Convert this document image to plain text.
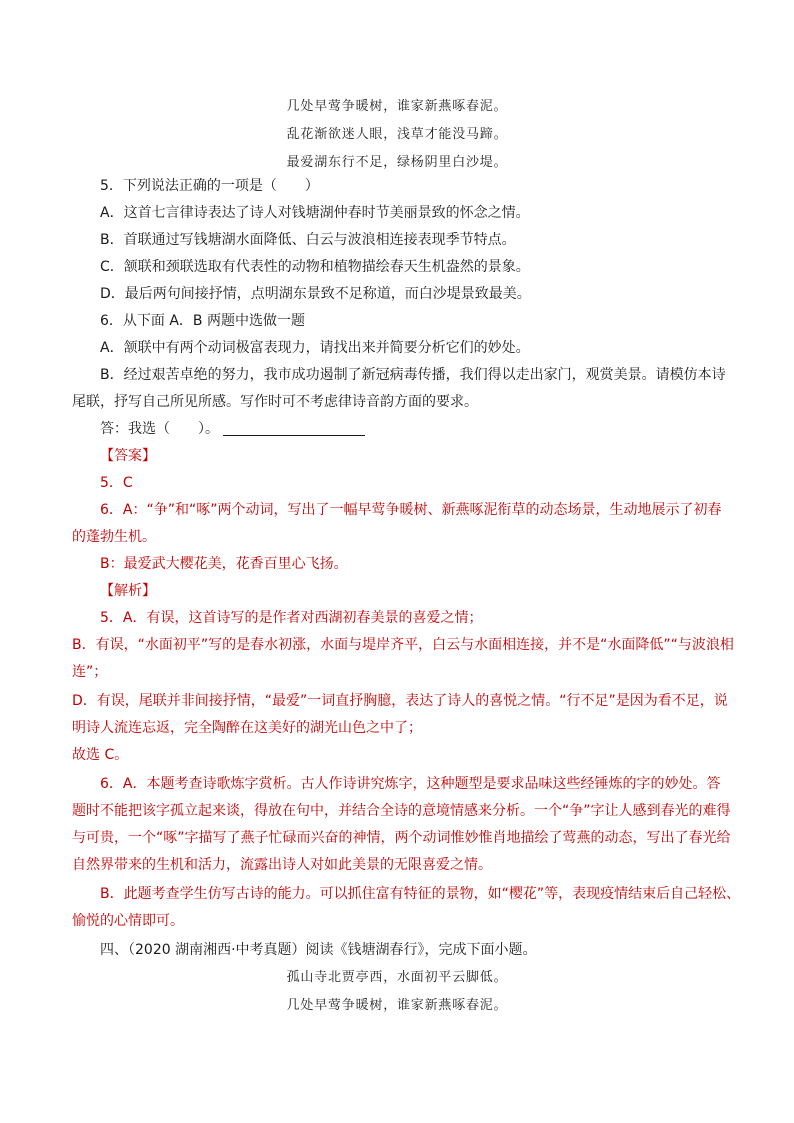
几处早莺争暖树，谁家新燕啄春泥。
乱花渐欲迷人眼，浅草才能没马蹄。
最爱湖东行不足，绿杨阴里白沙堤。
5．下列说法正确的一项是（　　）
A．这首七言律诗表达了诗人对钱塘湖仲春时节美丽景致的怀念之情。
B．首联通过写钱塘湖水面降低、白云与波浪相连接表现季节特点。
C．颔联和颈联选取有代表性的动物和植物描绘春天生机盎然的景象。
D．最后两句间接抒情，点明湖东景致不足称道，而白沙堤景致最美。
6．从下面 A．B 两题中选做一题
A．颔联中有两个动词极富表现力，请找出来并简要分析它们的妙处。
B．经过艰苦卓绝的努力，我市成功遏制了新冠病毒传播，我们得以走出家门，观赏美景。请模仿本诗
尾联，抒写自己所见所感。写作时可不考虑律诗音韵方面的要求。
答：我选（　　）。
【答案】
5．C
6．A：“争”和“啄”两个动词，写出了一幅早莺争暖树、新燕啄泥衔草的动态场景，生动地展示了初春
的蓬勃生机。
B：最爱武大樱花美，花香百里心飞扬。
【解析】
5．A．有误，这首诗写的是作者对西湖初春美景的喜爱之情；
B．有误，“水面初平”写的是春水初涨，水面与堤岸齐平，白云与水面相连接，并不是“水面降低”“与波浪相
连”；
D．有误，尾联并非间接抒情，“最爱”一词直抒胸臆，表达了诗人的喜悦之情。“行不足”是因为看不足，说
明诗人流连忘返，完全陶醉在这美好的湖光山色之中了；
故选 C。
6．A．本题考查诗歌炼字赏析。古人作诗讲究炼字，这种题型是要求品味这些经锤炼的字的妙处。答
题时不能把该字孤立起来谈，得放在句中，并结合全诗的意境情感来分析。一个“争”字让人感到春光的难得
与可贵，一个“啄”字描写了燕子忙碌而兴奋的神情，两个动词惟妙惟肖地描绘了莺燕的动态，写出了春光给
自然界带来的生机和活力，流露出诗人对如此美景的无限喜爱之情。
B．此题考查学生仿写古诗的能力。可以抓住富有特征的景物，如“樱花”等，表现疫情结束后自己轻松、
愉悦的心情即可。
四、（2020 湖南湘西·中考真题）阅读《钱塘湖春行》，完成下面小题。
孤山寺北贾亭西，水面初平云脚低。
几处早莺争暖树，谁家新燕啄春泥。
